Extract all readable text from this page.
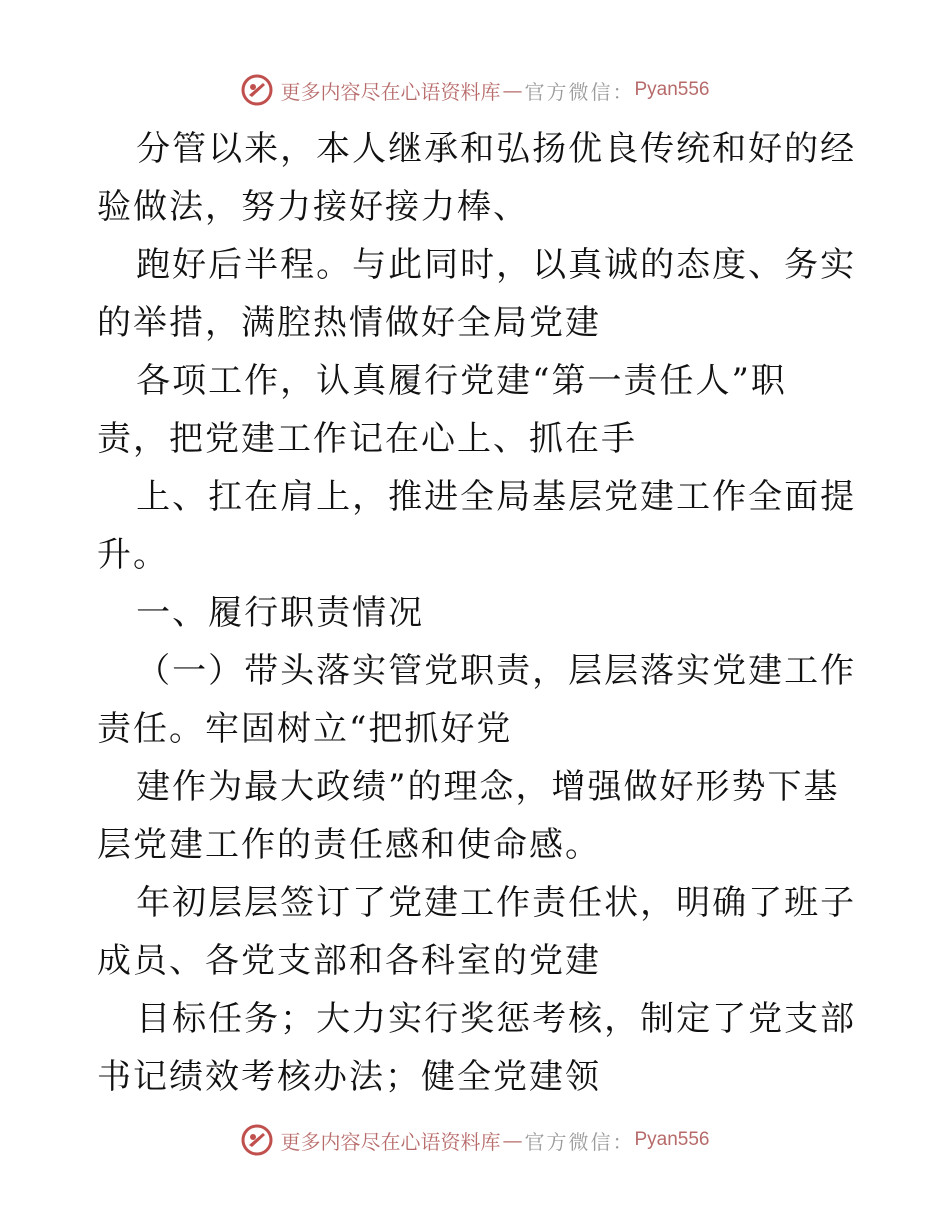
更多内容尽在心语资料库 — 官方微信： Pyan556

分管以来，本人继承和弘扬优良传统和好的经验做法，努力接好接力棒、

跑好后半程。与此同时，以真诚的态度、务实的举措，满腔热情做好全局党建

各项工作，认真履行党建“第一责任人”职责，把党建工作记在心上、抓在手

上、扛在肩上，推进全局基层党建工作全面提升。

一、履行职责情况

（一）带头落实管党职责，层层落实党建工作责任。牢固树立“把抓好党

建作为最大政绩”的理念，增强做好形势下基层党建工作的责任感和使命感。

年初层层签订了党建工作责任状，明确了班子成员、各党支部和各科室的党建

目标任务；大力实行奖惩考核，制定了党支部书记绩效考核办法；健全党建领

更多内容尽在心语资料库 — 官方微信： Pyan556
